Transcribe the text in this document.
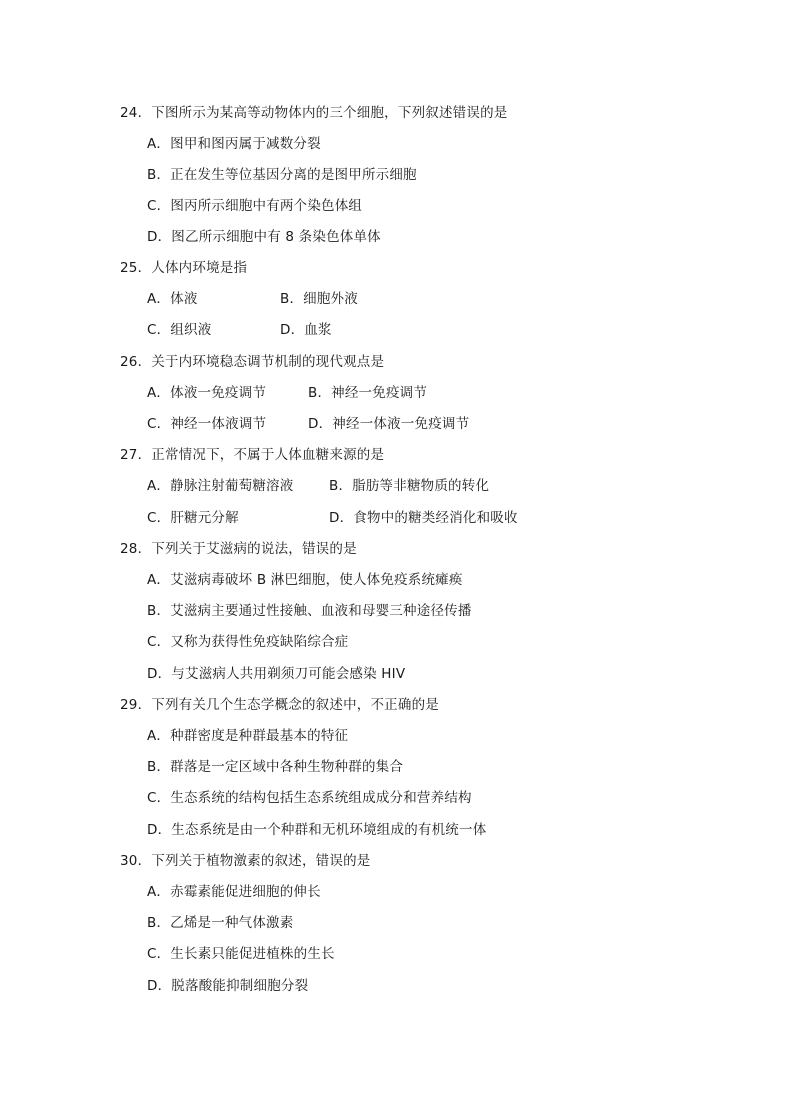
24．下图所示为某高等动物体内的三个细胞，下列叙述错误的是
A．图甲和图丙属于减数分裂
B．正在发生等位基因分离的是图甲所示细胞
C．图丙所示细胞中有两个染色体组
D．图乙所示细胞中有 8 条染色体单体
25．人体内环境是指
A．体液	B．细胞外液
C．组织液	D．血浆
26．关于内环境稳态调节机制的现代观点是
A．体液一免疫调节	B．神经一免疫调节
C．神经一体液调节	D．神经一体液一免疫调节
27．正常情况下，不属于人体血糖来源的是
A．静脉注射葡萄糖溶液	B．脂肪等非糖物质的转化
C．肝糖元分解	D．食物中的糖类经消化和吸收
28．下列关于艾滋病的说法，错误的是
A．艾滋病毒破坏 B 淋巴细胞，使人体免疫系统瘫痪
B．艾滋病主要通过性接触、血液和母婴三种途径传播
C．又称为获得性免疫缺陷综合症
D．与艾滋病人共用剃须刀可能会感染 HIV
29．下列有关几个生态学概念的叙述中，不正确的是
A．种群密度是种群最基本的特征
B．群落是一定区域中各种生物种群的集合
C．生态系统的结构包括生态系统组成成分和营养结构
D．生态系统是由一个种群和无机环境组成的有机统一体
30．下列关于植物激素的叙述，错误的是
A．赤霉素能促进细胞的伸长
B．乙烯是一种气体激素
C．生长素只能促进植株的生长
D．脱落酸能抑制细胞分裂
